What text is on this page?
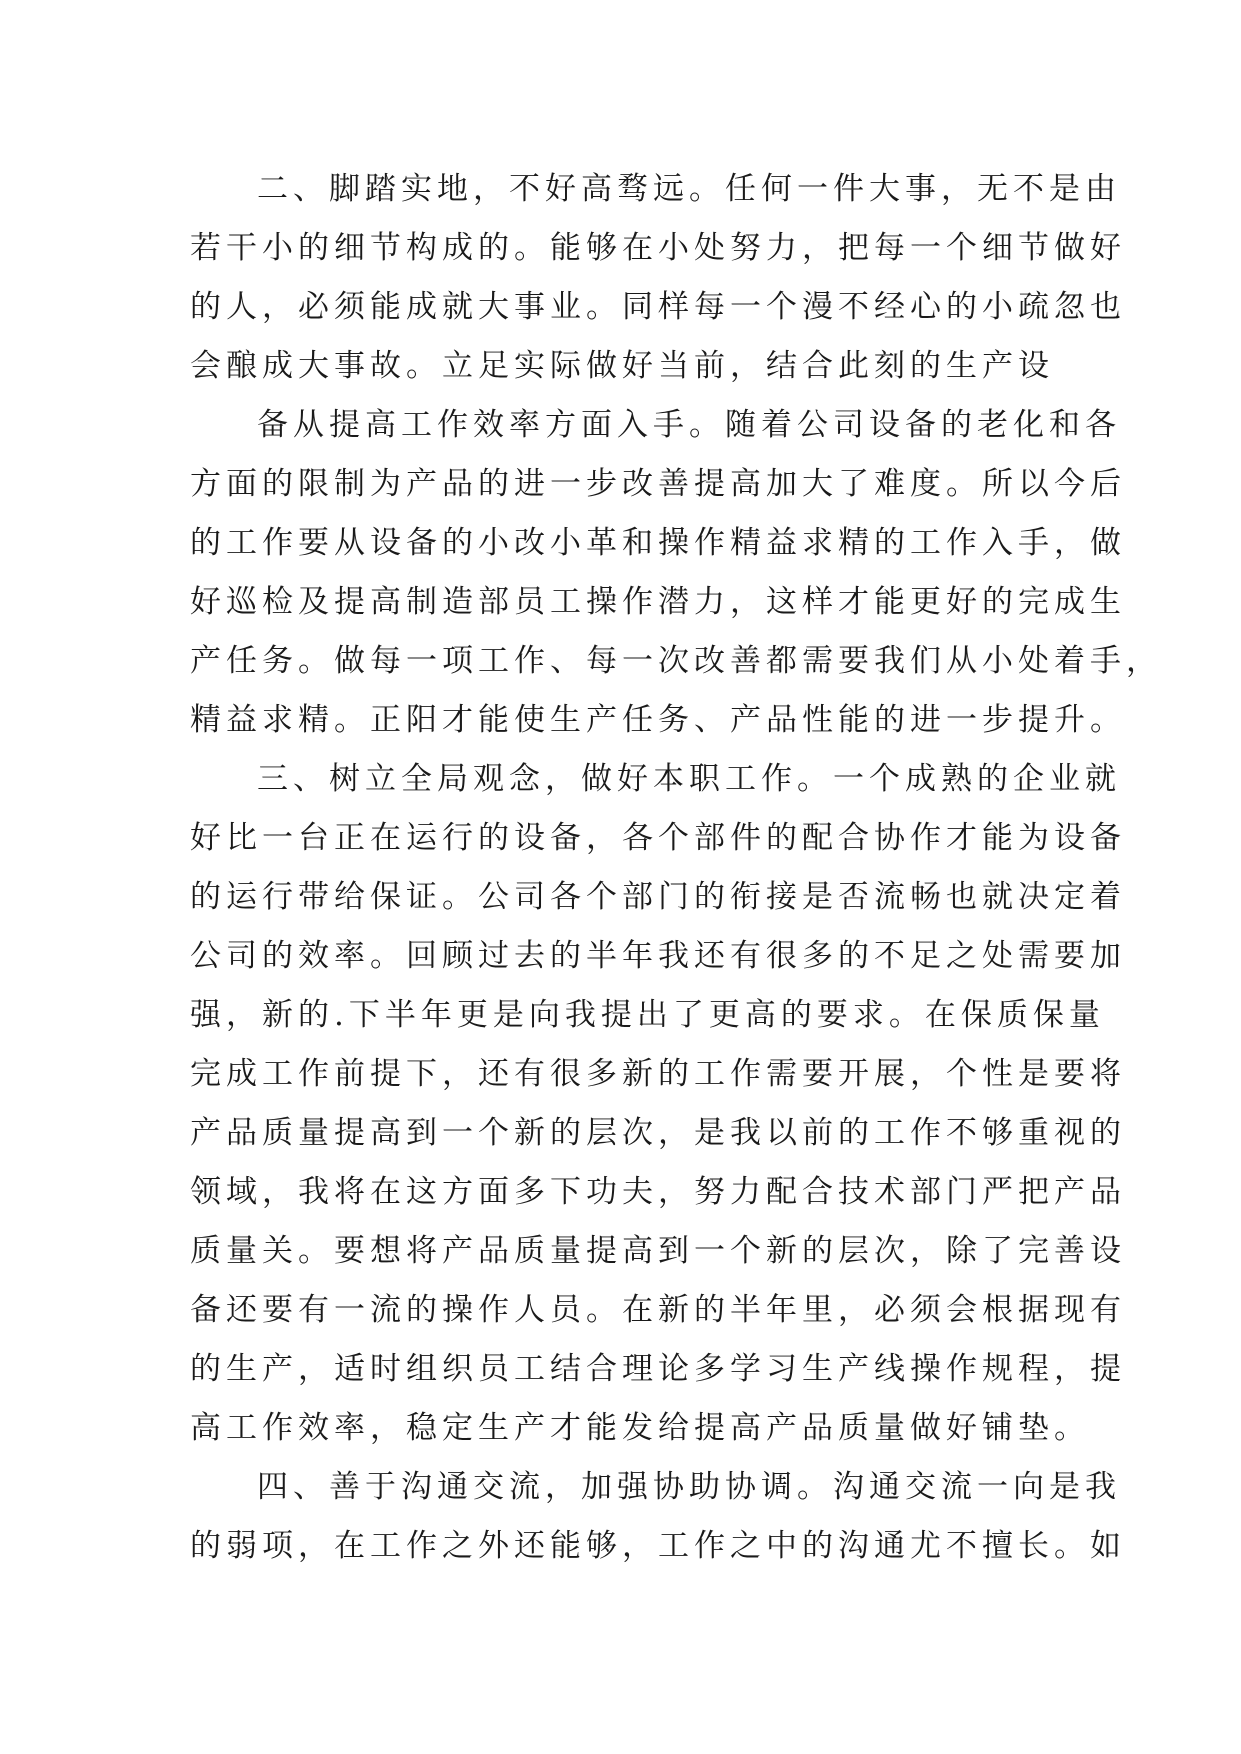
二、脚踏实地，不好高骛远。任何一件大事，无不是由
若干小的细节构成的。能够在小处努力，把每一个细节做好
的人，必须能成就大事业。同样每一个漫不经心的小疏忽也
会酿成大事故。立足实际做好当前，结合此刻的生产设
备从提高工作效率方面入手。随着公司设备的老化和各
方面的限制为产品的进一步改善提高加大了难度。所以今后
的工作要从设备的小改小革和操作精益求精的工作入手，做
好巡检及提高制造部员工操作潜力，这样才能更好的完成生
产任务。做每一项工作、每一次改善都需要我们从小处着手，
精益求精。正阳才能使生产任务、产品性能的进一步提升。
三、树立全局观念，做好本职工作。一个成熟的企业就
好比一台正在运行的设备，各个部件的配合协作才能为设备
的运行带给保证。公司各个部门的衔接是否流畅也就决定着
公司的效率。回顾过去的半年我还有很多的不足之处需要加
强，新的.下半年更是向我提出了更高的要求。在保质保量
完成工作前提下，还有很多新的工作需要开展，个性是要将
产品质量提高到一个新的层次，是我以前的工作不够重视的
领域，我将在这方面多下功夫，努力配合技术部门严把产品
质量关。要想将产品质量提高到一个新的层次，除了完善设
备还要有一流的操作人员。在新的半年里，必须会根据现有
的生产，适时组织员工结合理论多学习生产线操作规程，提
高工作效率，稳定生产才能发给提高产品质量做好铺垫。
四、善于沟通交流，加强协助协调。沟通交流一向是我
的弱项，在工作之外还能够，工作之中的沟通尤不擅长。如
